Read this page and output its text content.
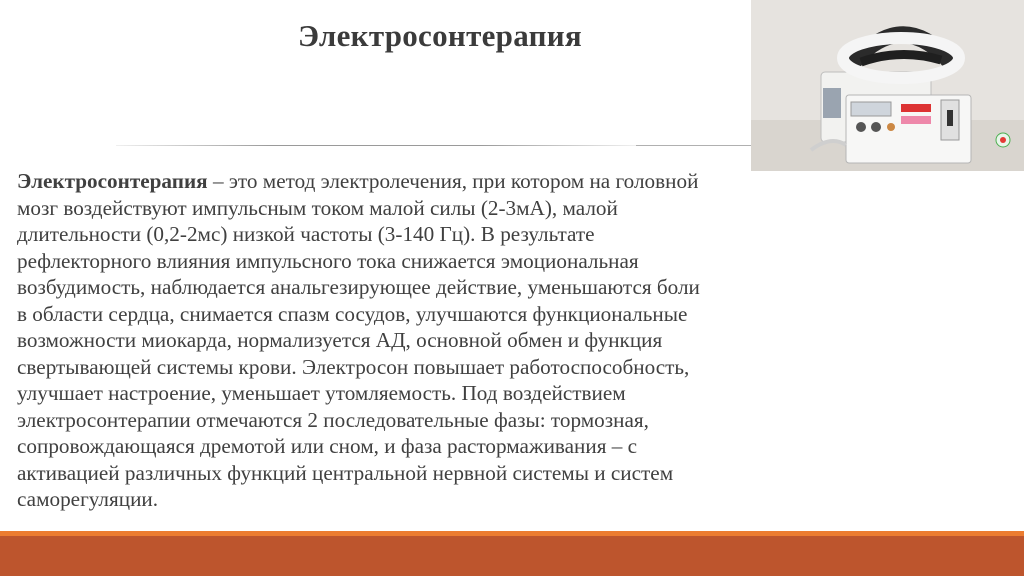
Электросонтерапия
Электросонтерапия – это метод электролечения, при котором на головной
мозг воздействуют импульсным током малой силы (2-3мА), малой
длительности (0,2-2мс) низкой частоты (3-140 Гц). В результате
рефлекторного влияния импульсного тока снижается эмоциональная
возбудимость, наблюдается анальгезирующее действие, уменьшаются боли
в области сердца, снимается спазм сосудов, улучшаются функциональные
возможности миокарда, нормализуется АД, основной обмен и функция
свертывающей системы крови. Электросон повышает работоспособность,
улучшает настроение, уменьшает утомляемость. Под воздействием
электросонтерапии отмечаются 2 последовательные фазы: тормозная,
сопровождающаяся дремотой или сном, и фаза растормаживания – с
активацией различных функций центральной нервной системы и систем
саморегуляции.
